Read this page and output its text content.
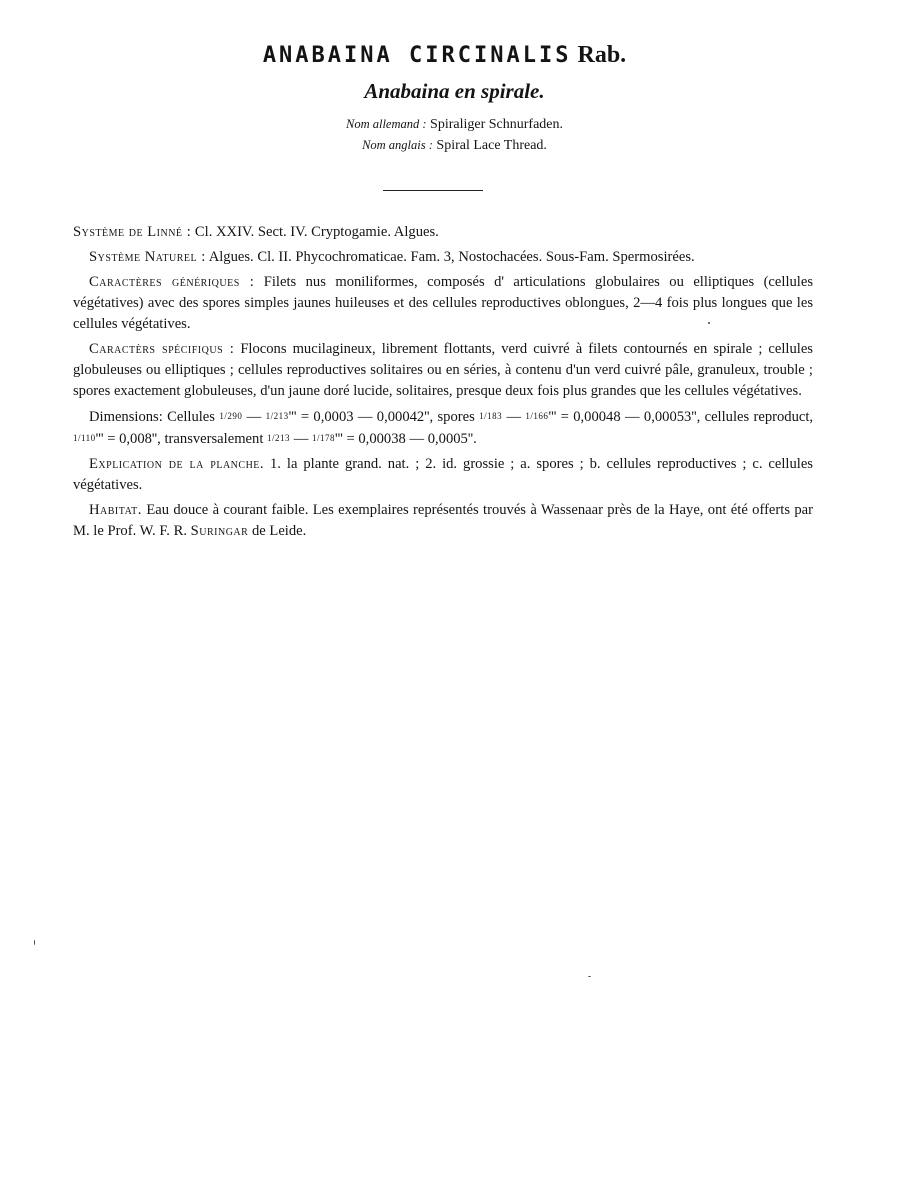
ANABAINA CIRCINALIS Rab.
Anabaina en spirale.
Nom allemand : Spiraliger Schnurfaden.
Nom anglais : Spiral Lace Thread.

Système de Linné : Cl. XXIV. Sect. IV. Cryptogamie. Algues.

Système Naturel : Algues. Cl. II. Phycochromaticae. Fam. 3, Nostochacées. Sous-Fam. Spermosirées.

Caractères génériques : Filets nus moniliformes, composés d' articulations globulaires ou elliptiques (cellules végétatives) avec des spores simples jaunes huileuses et des cellules reproductives oblongues, 2—4 fois plus longues que les cellules végétatives.

Caractèrs spécifiqus : Flocons mucilagineux, librement flottants, verd cuivré à filets contournés en spirale ; cellules globuleuses ou elliptiques ; cellules reproductives solitaires ou en séries, à contenu d'un verd cuivré pâle, granuleux, trouble ; spores exactement globuleuses, d'un jaune doré lucide, solitaires, presque deux fois plus grandes que les cellules végétatives.

Dimensions: Cellules 1/290 — 1/213''' = 0,0003 — 0,00042'', spores 1/183 — 1/166''' = 0,00048 — 0,00053'', cellules reproduct, 1/110''' = 0,008'', transversalement 1/213 — 1/178''' = 0,00038 — 0,0005''.

Explication de la planche. 1. la plante grand. nat. ; 2. id. grossie ; a. spores ; b. cellules reproductives ; c. cellules végétatives.

Habitat. Eau douce à courant faible. Les exemplaires représentés trouvés à Wassenaar près de la Haye, ont été offerts par M. le Prof. W. F. R. Suringar de Leide.
